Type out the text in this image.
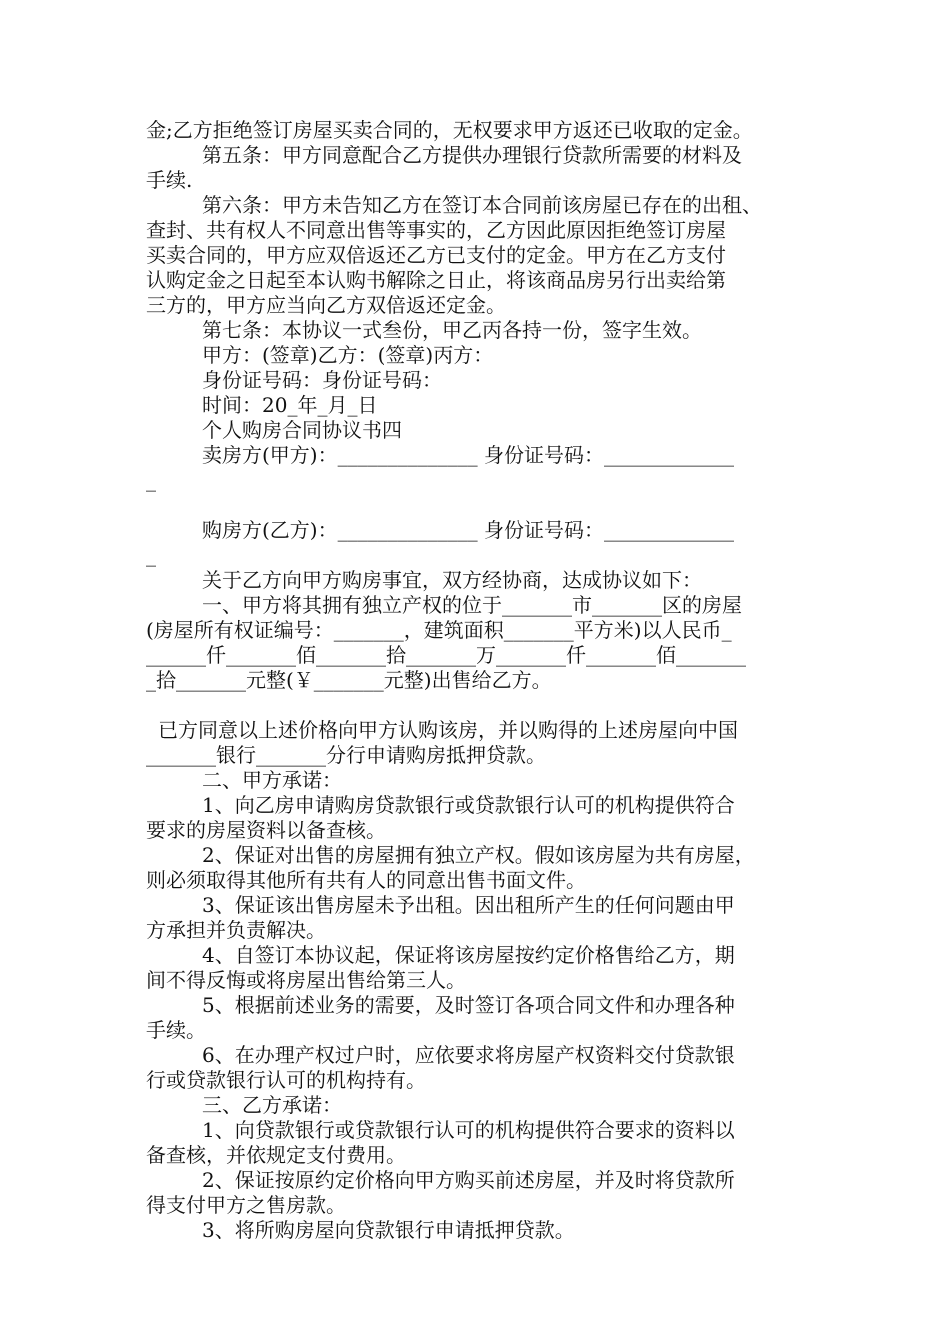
金;乙方拒绝签订房屋买卖合同的，无权要求甲方返还已收取的定金。

第五条：甲方同意配合乙方提供办理银行贷款所需要的材料及

手续.

第六条：甲方未告知乙方在签订本合同前该房屋已存在的出租、

查封、共有权人不同意出售等事实的，乙方因此原因拒绝签订房屋

买卖合同的，甲方应双倍返还乙方已支付的定金。甲方在乙方支付

认购定金之日起至本认购书解除之日止，将该商品房另行出卖给第

三方的，甲方应当向乙方双倍返还定金。

第七条：本协议一式叁份，甲乙丙各持一份，签字生效。

甲方：(签章)乙方：(签章)丙方：

身份证号码：身份证号码：

时间：20_年_月_日

个人购房合同协议书四

卖房方(甲方)：______________ 身份证号码：_____________

_

购房方(乙方)：______________ 身份证号码：_____________

_

关于乙方向甲方购房事宜，双方经协商，达成协议如下：

一、甲方将其拥有独立产权的位于_______市_______区的房屋

(房屋所有权证编号：_______，建筑面积_______平方米)以人民币_

______仟_______佰_______拾_______万_______仟_______佰_______

_拾_______元整(￥_______元整)出售给乙方。

已方同意以上述价格向甲方认购该房，并以购得的上述房屋向中国

_______银行_______分行申请购房抵押贷款。

二、甲方承诺：

1、向乙房申请购房贷款银行或贷款银行认可的机构提供符合

要求的房屋资料以备查核。

2、保证对出售的房屋拥有独立产权。假如该房屋为共有房屋，

则必须取得其他所有共有人的同意出售书面文件。

3、保证该出售房屋未予出租。因出租所产生的任何问题由甲

方承担并负责解决。

4、自签订本协议起，保证将该房屋按约定价格售给乙方，期

间不得反悔或将房屋出售给第三人。

5、根据前述业务的需要，及时签订各项合同文件和办理各种

手续。

6、在办理产权过户时，应依要求将房屋产权资料交付贷款银

行或贷款银行认可的机构持有。

三、乙方承诺：

1、向贷款银行或贷款银行认可的机构提供符合要求的资料以

备查核，并依规定支付费用。

2、保证按原约定价格向甲方购买前述房屋，并及时将贷款所

得支付甲方之售房款。

3、将所购房屋向贷款银行申请抵押贷款。
